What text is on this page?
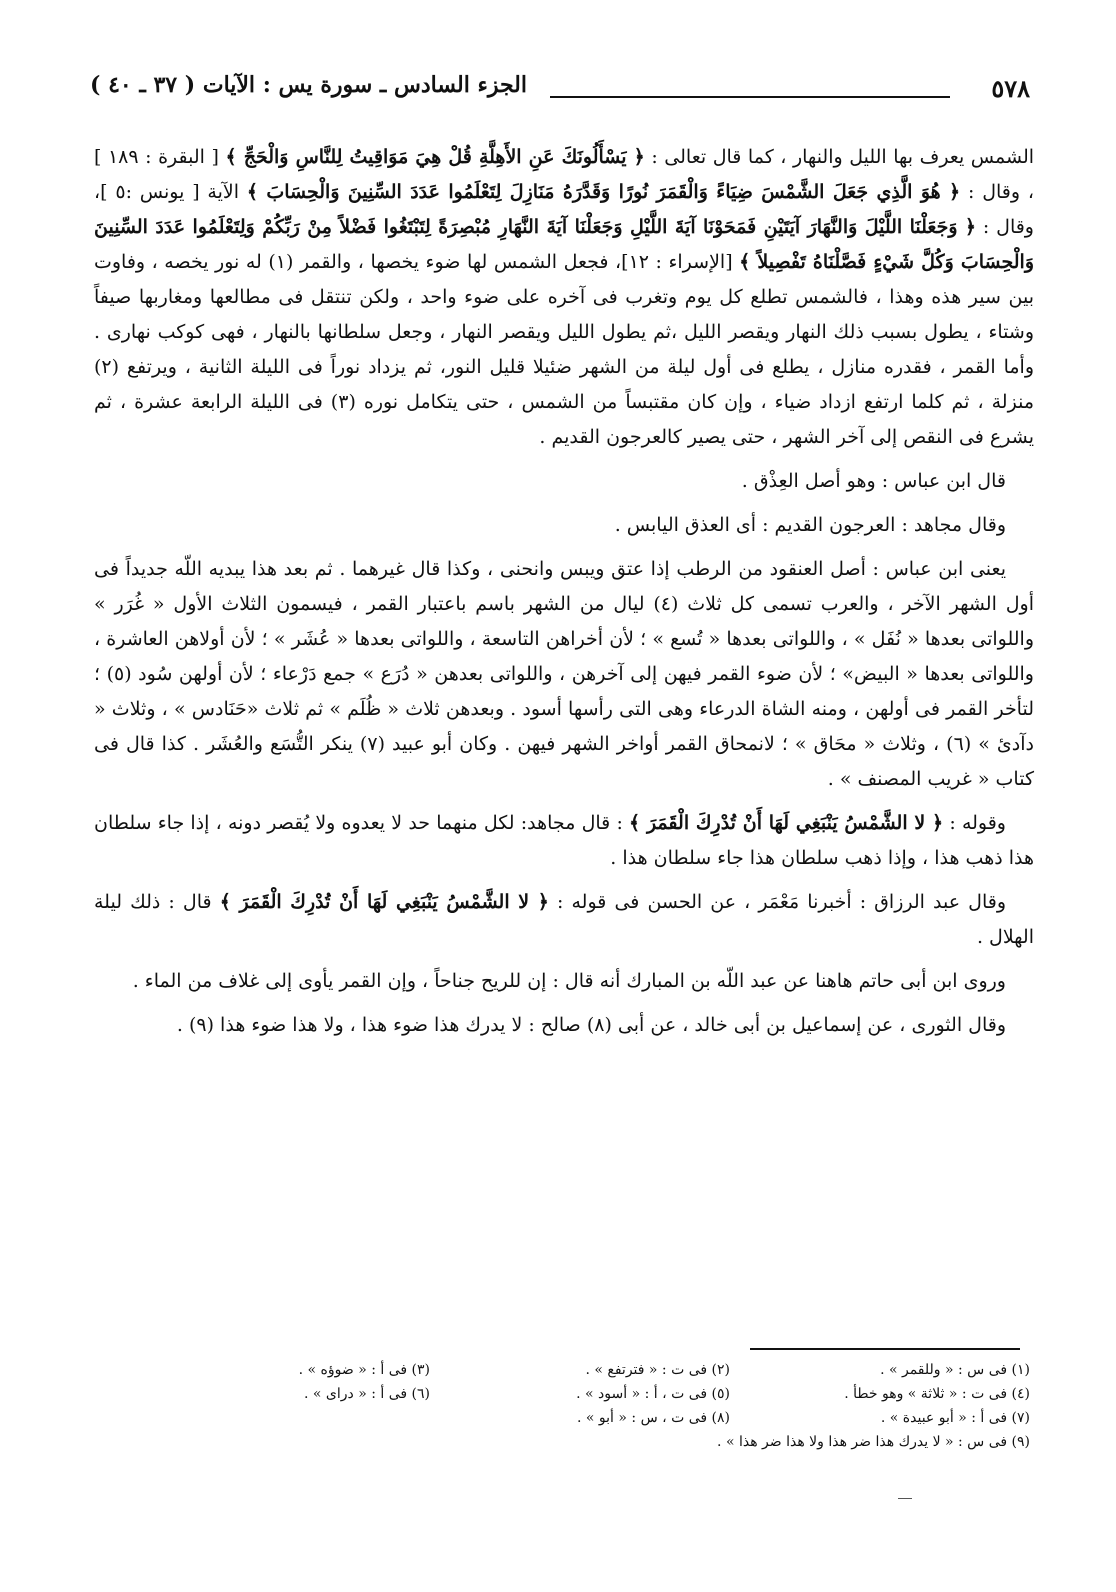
٥٧٨
الجزء السادس ـ سورة يس : الآيات ( ٣٧ ـ ٤٠ )

الشمس يعرف بها الليل والنهار ، كما قال تعالى : ﴿ يَسْأَلُونَكَ عَنِ الأَهِلَّةِ قُلْ هِيَ مَوَاقِيتُ لِلنَّاسِ وَالْحَجِّ ﴾ [ البقرة : ١٨٩ ] ، وقال : ﴿ هُوَ الَّذِي جَعَلَ الشَّمْسَ ضِيَاءً وَالْقَمَرَ نُورًا وَقَدَّرَهُ مَنَازِلَ لِتَعْلَمُوا عَدَدَ السِّنِينَ وَالْحِسَابَ ﴾ الآية [ يونس :٥ ]، وقال : ﴿ وَجَعَلْنَا اللَّيْلَ وَالنَّهَارَ آيَتَيْنِ فَمَحَوْنَا آيَةَ اللَّيْلِ وَجَعَلْنَا آيَةَ النَّهَارِ مُبْصِرَةً لِتَبْتَغُوا فَضْلاً مِنْ رَبِّكُمْ وَلِتَعْلَمُوا عَدَدَ السِّنِينَ وَالْحِسَابَ وَكُلَّ شَيْءٍ فَصَّلْنَاهُ تَفْصِيلاً ﴾ [الإسراء : ١٢]، فجعل الشمس لها ضوء يخصها ، والقمر (١) له نور يخصه ، وفاوت بين سير هذه وهذا ، فالشمس تطلع كل يوم وتغرب فى آخره على ضوء واحد ، ولكن تنتقل فى مطالعها ومغاربها صيفاً وشتاء ، يطول بسبب ذلك النهار ويقصر الليل ،ثم يطول الليل ويقصر النهار ، وجعل سلطانها بالنهار ، فهى كوكب نهارى . وأما القمر ، فقدره منازل ، يطلع فى أول ليلة من الشهر ضئيلا قليل النور، ثم يزداد نوراً فى الليلة الثانية ، ويرتفع (٢) منزلة ، ثم كلما ارتفع ازداد ضياء ، وإن كان مقتبساً من الشمس ، حتى يتكامل نوره (٣) فى الليلة الرابعة عشرة ، ثم يشرع فى النقص إلى آخر الشهر ، حتى يصير كالعرجون القديم .

قال ابن عباس : وهو أصل العِذْق .

وقال مجاهد : العرجون القديم : أى العذق اليابس .

يعنى ابن عباس : أصل العنقود من الرطب إذا عتق ويبس وانحنى ، وكذا قال غيرهما . ثم بعد هذا يبديه اللّه جديداً فى أول الشهر الآخر ، والعرب تسمى كل ثلاث (٤) ليال من الشهر باسم باعتبار القمر ، فيسمون الثلاث الأول « غُرَر » واللواتى بعدها « نُفَل » ، واللواتى بعدها « تُسع » ؛ لأن أخراهن التاسعة ، واللواتى بعدها « عُشَر » ؛ لأن أولاهن العاشرة ، واللواتى بعدها « البيض» ؛ لأن ضوء القمر فيهن إلى آخرهن ، واللواتى بعدهن « دُرَع » جمع دَرْعاء ؛ لأن أولهن سُود (٥) ؛ لتأخر القمر فى أولهن ، ومنه الشاة الدرعاء وهى التى رأسها أسود . وبعدهن ثلاث « ظُلَم » ثم ثلاث «حَنَادس » ، وثلاث « دآدئ » (٦) ، وثلاث « محَاق » ؛ لانمحاق القمر أواخر الشهر فيهن . وكان أبو عبيد (٧) ينكر التُّسَع والعُشَر . كذا قال فى كتاب « غريب المصنف » .

وقوله : ﴿ لا الشَّمْسُ يَنْبَغِي لَهَا أَنْ تُدْرِكَ الْقَمَرَ ﴾ : قال مجاهد: لكل منهما حد لا يعدوه ولا يُقصر دونه ، إذا جاء سلطان هذا ذهب هذا ، وإذا ذهب سلطان هذا جاء سلطان هذا .

وقال عبد الرزاق : أخبرنا مَعْمَر ، عن الحسن فى قوله : ﴿ لا الشَّمْسُ يَنْبَغِي لَهَا أَنْ تُدْرِكَ الْقَمَرَ ﴾ قال : ذلك ليلة الهلال .

وروى ابن أبى حاتم هاهنا عن عبد اللّه بن المبارك أنه قال : إن للريح جناحاً ، وإن القمر يأوى إلى غلاف من الماء .

وقال الثورى ، عن إسماعيل بن أبى خالد ، عن أبى (٨) صالح : لا يدرك هذا ضوء هذا ، ولا هذا ضوء هذا (٩) .

(١) فى س : « وللقمر » .
(٢) فى ت : « فترتفع » .
(٣) فى أ : « ضوؤه » .
(٤) فى ت : « ثلاثة » وهو خطأ .
(٥) فى ت ، أ : « أسود » .
(٦) فى أ : « دراى » .
(٧) فى أ : « أبو عبيدة » .
(٨) فى ت ، س : « أبو » .
(٩) فى س : « لا يدرك هذا ضر هذا ولا هذا ضر هذا » .
